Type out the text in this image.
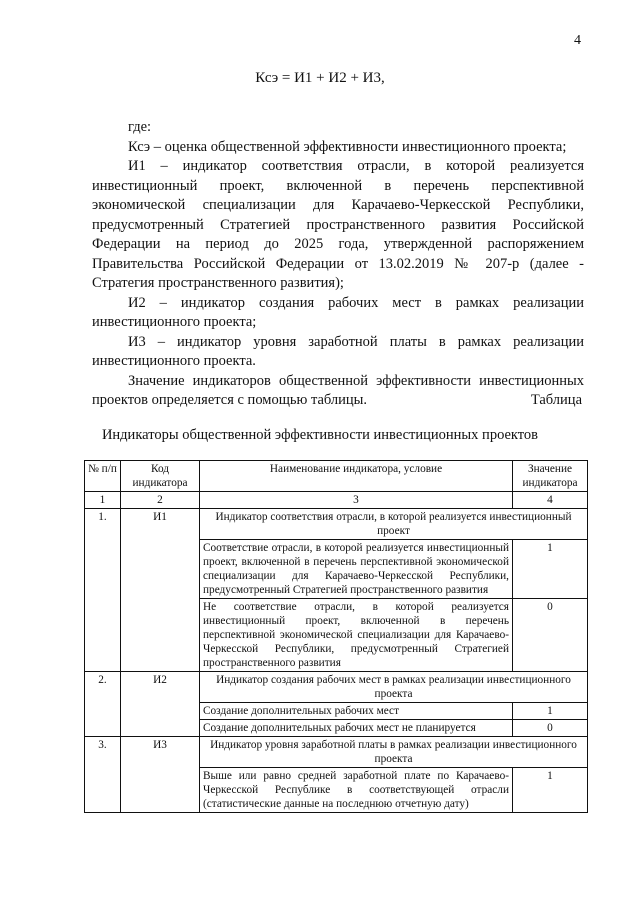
4
Ксэ = И1 + И2 + И3,

где:

Ксэ – оценка общественной эффективности инвестиционного проекта;

И1 – индикатор соответствия отрасли, в которой реализуется инвестиционный проект, включенной в перечень перспективной экономической специализации для Карачаево-Черкесской Республики, предусмотренный Стратегией пространственного развития Российской Федерации на период до 2025 года, утвержденной распоряжением Правительства Российской Федерации от 13.02.2019 № 207-р (далее - Стратегия пространственного развития);

И2 – индикатор создания рабочих мест в рамках реализации инвестиционного проекта;

И3 – индикатор уровня заработной платы в рамках реализации инвестиционного проекта.

Значение индикаторов общественной эффективности инвестиционных проектов определяется с помощью таблицы.	Таблица
Индикаторы общественной эффективности инвестиционных проектов
№ п/п	Код индикатора	Наименование индикатора, условие	Значение индикатора
1	2	3	4
1.	И1	Индикатор соответствия отрасли, в которой реализуется инвестиционный проект	
		Соответствие отрасли, в которой реализуется инвестиционный проект, включенной в перечень перспективной экономической специализации для Карачаево-Черкесской Республики, предусмотренный Стратегией пространственного развития	1
		Не соответствие отрасли, в которой реализуется инвестиционный проект, включенной в перечень перспективной экономической специализации для Карачаево-Черкесской Республики, предусмотренный Стратегией пространственного развития	0
2.	И2	Индикатор создания рабочих мест в рамках реализации инвестиционного проекта	
		Создание дополнительных рабочих мест	1
		Создание дополнительных рабочих мест не планируется	0
3.	И3	Индикатор уровня заработной платы в рамках реализации инвестиционного проекта	
		Выше или равно средней заработной плате по Карачаево-Черкесской Республике в соответствующей отрасли (статистические данные на последнюю отчетную дату)	1
